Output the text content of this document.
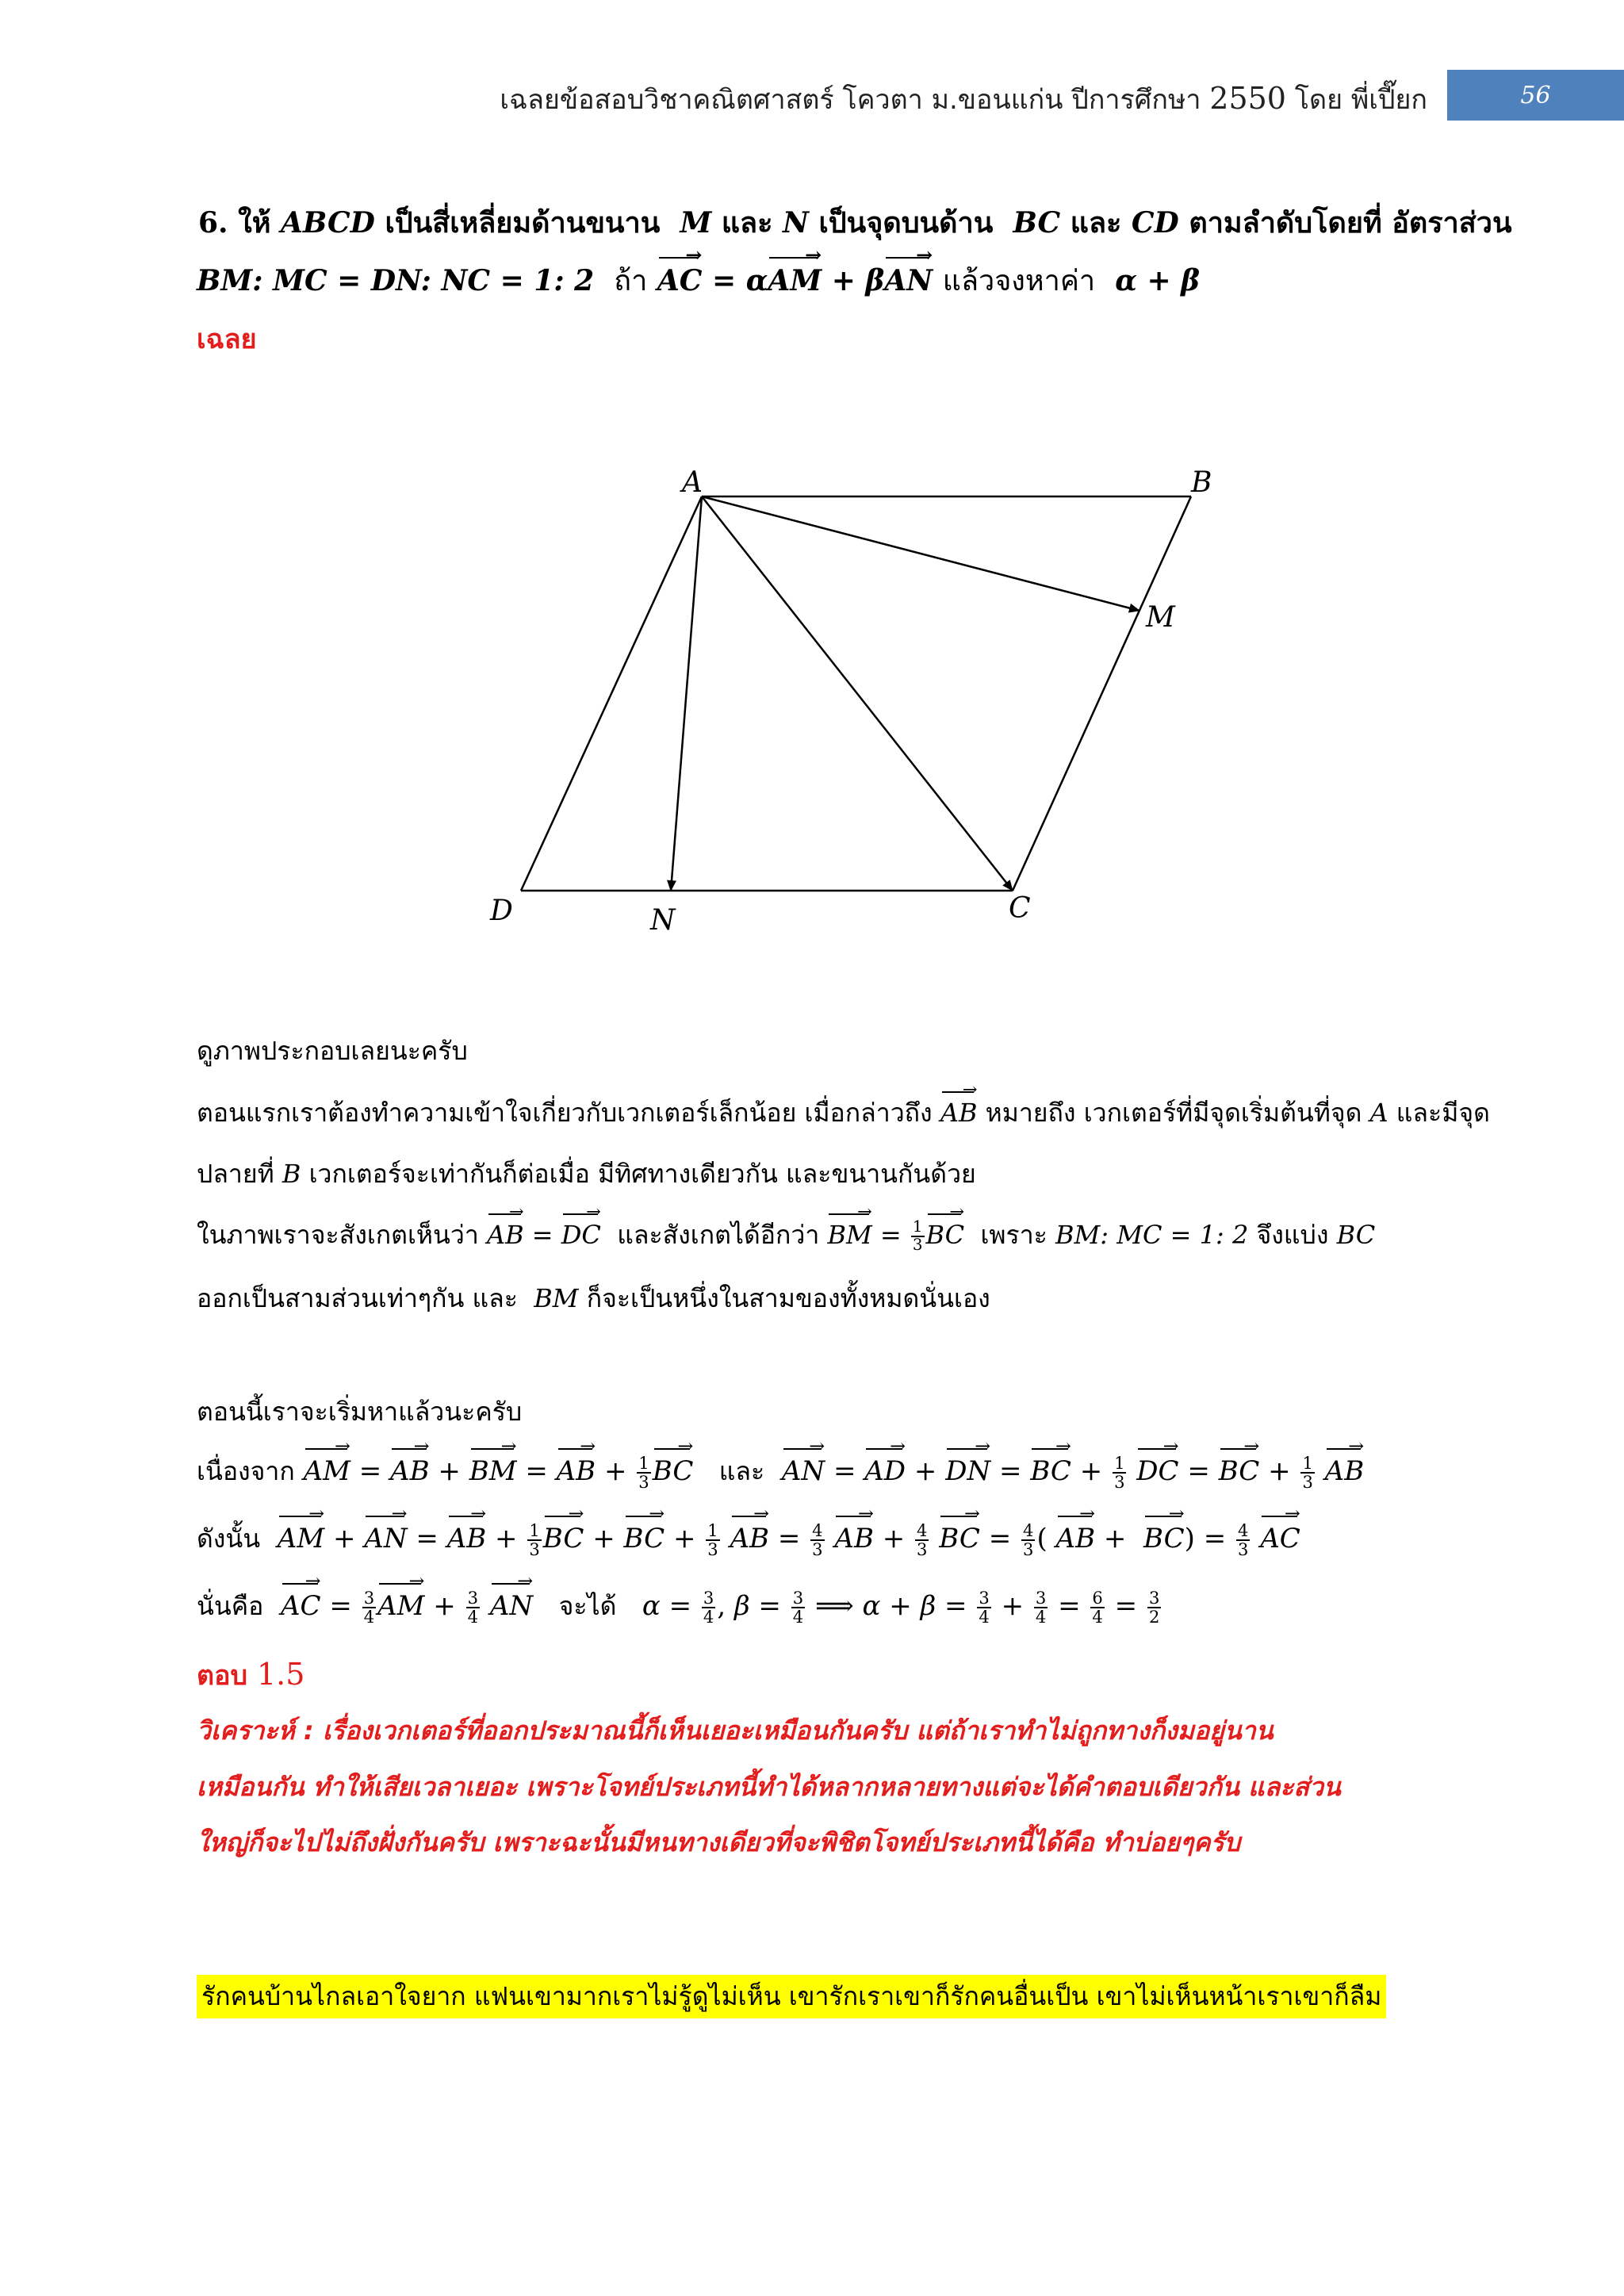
เฉลยข้อสอบวิชาคณิตศาสตร์ โควตา ม.ขอนแก่น ปีการศึกษา 2550 โดย พี่เปี๊ยก	56
6. ให้ ABCD เป็นสี่เหลี่ยมด้านขนาน M และ N เป็นจุดบนด้าน BC และ CD ตามลำดับโดยที่ อัตราส่วน
BM: MC = DN: NC = 1: 2 ถ้า AC → = αAM → + βAN → แล้วจงหาค่า α + β
เฉลย
A	B
M
D	N	C
ดูภาพประกอบเลยนะครับ
ตอนแรกเราต้องทำความเข้าใจเกี่ยวกับเวกเตอร์เล็กน้อย เมื่อกล่าวถึง AB → หมายถึง เวกเตอร์ที่มีจุดเริ่มต้นที่จุด A และมีจุด
ปลายที่ B เวกเตอร์จะเท่ากันก็ต่อเมื่อ มีทิศทางเดียวกัน และขนานกันด้วย
ในภาพเราจะสังเกตเห็นว่า AB → = DC → และสังเกตได้อีกว่า BM → = $\frac{1}{3}$ BC → เพราะ BM: MC = 1: 2 จึงแบ่ง BC
ออกเป็นสามส่วนเท่าๆกัน และ BM ก็จะเป็นหนึ่งในสามของทั้งหมดนั่นเอง
ตอนนี้เราจะเริ่มหาแล้วนะครับ
เนื่องจาก AM → = AB → + BM → = AB → + $\frac{1}{3}$ BC → และ AN → = AD → + DN → = BC → + $\frac{1}{3}$ DC → = BC → + $\frac{1}{3}$ AB →
ดังนั้น AM → + AN → = AB → + $\frac{1}{3}$ BC → + BC → + $\frac{1}{3}$ AB → = $\frac{4}{3}$ AB → + $\frac{4}{3}$ BC → = $\frac{4}{3}$ ( AB → +  BC →) = $\frac{4}{3}$ AC →
นั่นคือ AC → = $\frac{3}{4}$ AM → + $\frac{3}{4}$ AN → จะได้ $\alpha = \frac{3}{4}$ , $\beta = \frac{3}{4}$ ⟹ $\alpha + \beta = \frac{3}{4} + \frac{3}{4} = \frac{6}{4} = \frac{3}{2}$
ตอบ 1.5
วิเคราะห์ : เรื่องเวกเตอร์ที่ออกประมาณนี้ก็เห็นเยอะเหมือนกันครับ แต่ถ้าเราทำไม่ถูกทางก็งมอยู่นาน
เหมือนกัน ทำให้เสียเวลาเยอะ เพราะโจทย์ประเภทนี้ทำได้หลากหลายทางแต่จะได้คำตอบเดียวกัน และส่วน
ใหญ่ก็จะไปไม่ถึงฝั่งกันครับ เพราะฉะนั้นมีหนทางเดียวที่จะพิชิตโจทย์ประเภทนี้ได้คือ ทำบ่อยๆครับ
รักคนบ้านไกลเอาใจยาก แฟนเขามากเราไม่รู้ดูไม่เห็น เขารักเราเขาก็รักคนอื่นเป็น เขาไม่เห็นหน้าเราเขาก็ลืม
